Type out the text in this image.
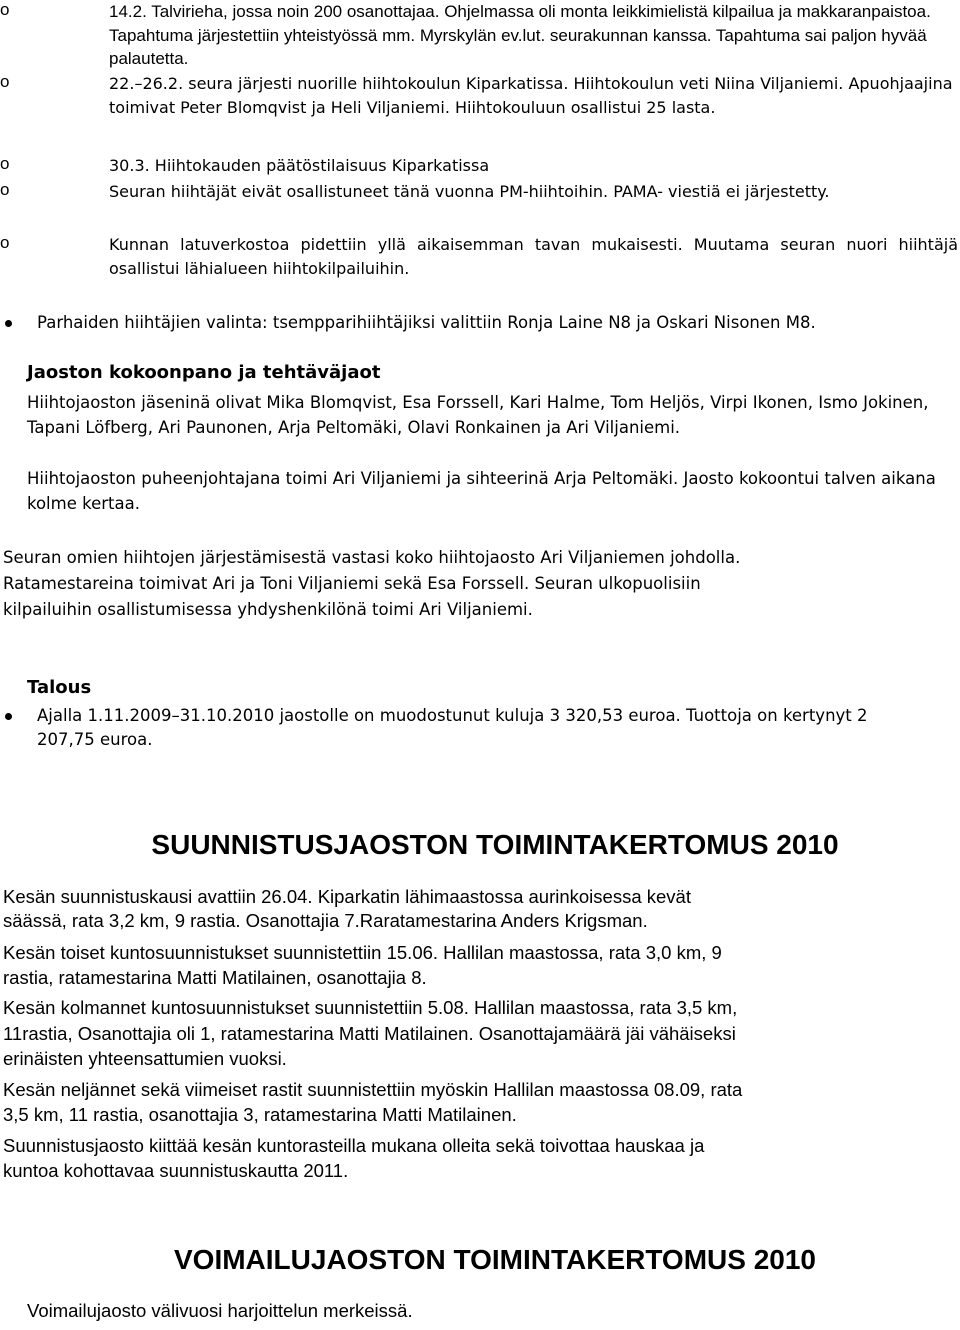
o	14.2. Talvirieha, jossa noin 200 osanottajaa. Ohjelmassa oli monta leikkimielistä kilpailua ja makkaranpaistoa. Tapahtuma järjestettiin yhteistyössä mm. Myrskylän ev.lut. seurakunnan kanssa. Tapahtuma sai paljon hyvää palautetta.
o	22.–26.2. seura järjesti nuorille hiihtokoulun Kiparkatissa. Hiihtokoulun veti Niina Viljaniemi. Apuohjaajina toimivat Peter Blomqvist ja Heli Viljaniemi. Hiihtokouluun osallistui 25 lasta.
o	30.3. Hiihtokauden päätöstilaisuus Kiparkatissa
o	Seuran hiihtäjät eivät osallistuneet tänä vuonna PM-hiihtoihin. PAMA- viestiä ei järjestetty.
o	Kunnan latuverkostoa pidettiin yllä aikaisemman tavan mukaisesti. Muutama seuran nuori hiihtäjä osallistui lähialueen hiihtokilpailuihin.
Parhaiden hiihtäjien valinta: tsempparihiihtäjiksi valittiin Ronja Laine N8 ja Oskari Nisonen M8.
Jaoston kokoonpano ja tehtäväjaot
Hiihtojaoston jäseninä olivat Mika Blomqvist, Esa Forssell, Kari Halme, Tom Heljös, Virpi Ikonen, Ismo Jokinen, Tapani Löfberg, Ari Paunonen, Arja Peltomäki, Olavi Ronkainen ja Ari Viljaniemi.
Hiihtojaoston puheenjohtajana toimi Ari Viljaniemi ja sihteerinä Arja Peltomäki. Jaosto kokoontui talven aikana kolme kertaa.
Seuran omien hiihtojen järjestämisestä vastasi koko hiihtojaosto Ari Viljaniemen johdolla.
Ratamestareina toimivat Ari ja Toni Viljaniemi sekä Esa Forssell. Seuran ulkopuolisiin
kilpailuihin osallistumisessa yhdyshenkilönä toimi Ari Viljaniemi.
Talous
Ajalla 1.11.2009–31.10.2010 jaostolle on muodostunut kuluja 3 320,53 euroa. Tuottoja on kertynyt 2 207,75 euroa.
SUUNNISTUSJAOSTON TOIMINTAKERTOMUS 2010
Kesän suunnistuskausi avattiin 26.04. Kiparkatin lähimaastossa aurinkoisessa kevät
säässä, rata 3,2 km, 9 rastia. Osanottajia 7.Raratamestarina Anders Krigsman.
Kesän toiset kuntosuunnistukset suunnistettiin 15.06. Hallilan maastossa, rata 3,0 km, 9
rastia, ratamestarina Matti Matilainen, osanottajia 8.
Kesän kolmannet kuntosuunnistukset suunnistettiin 5.08. Hallilan maastossa, rata 3,5 km,
11rastia, Osanottajia oli 1, ratamestarina Matti Matilainen. Osanottajamäärä jäi vähäiseksi
erinäisten yhteensattumien vuoksi.
Kesän neljännet sekä viimeiset rastit suunnistettiin myöskin Hallilan maastossa 08.09, rata
3,5 km, 11 rastia, osanottajia 3, ratamestarina Matti Matilainen.
Suunnistusjaosto kiittää kesän kuntorasteilla mukana olleita sekä toivottaa hauskaa ja
kuntoa kohottavaa suunnistuskautta 2011.
VOIMAILUJAOSTON TOIMINTAKERTOMUS 2010
Voimailujaosto välivuosi harjoittelun merkeissä.
